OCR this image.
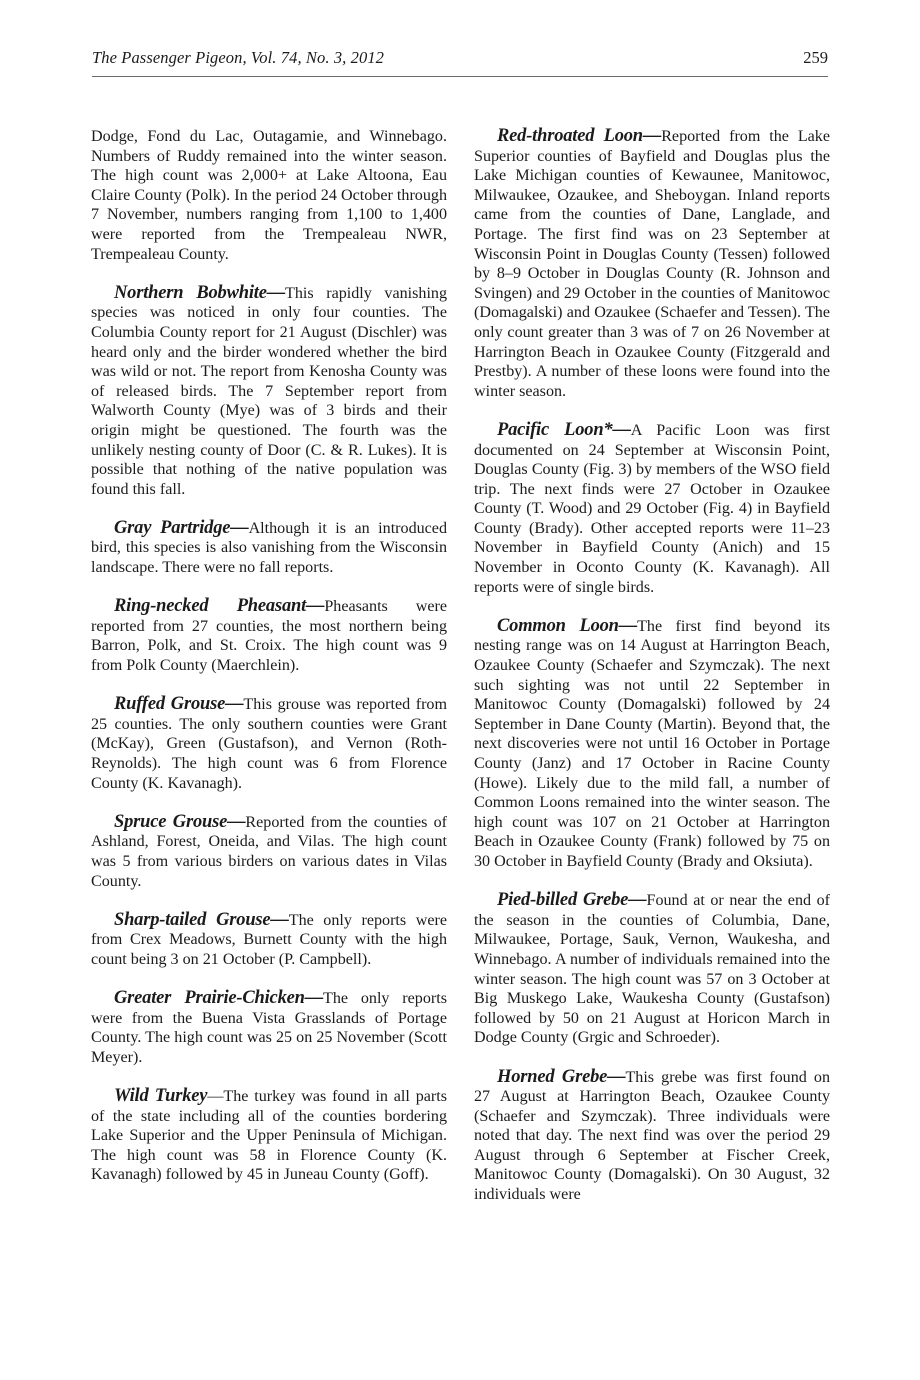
The Passenger Pigeon, Vol. 74, No. 3, 2012	259

Dodge, Fond du Lac, Outagamie, and Winnebago. Numbers of Ruddy remained into the winter season. The high count was 2,000+ at Lake Altoona, Eau Claire County (Polk). In the period 24 October through 7 November, numbers ranging from 1,100 to 1,400 were reported from the Trempealeau NWR, Trempealeau County.

Northern Bobwhite—This rapidly vanishing species was noticed in only four counties. The Columbia County report for 21 August (Dischler) was heard only and the birder wondered whether the bird was wild or not. The report from Kenosha County was of released birds. The 7 September report from Walworth County (Mye) was of 3 birds and their origin might be questioned. The fourth was the unlikely nesting county of Door (C. & R. Lukes). It is possible that nothing of the native population was found this fall.

Gray Partridge—Although it is an introduced bird, this species is also vanishing from the Wisconsin landscape. There were no fall reports.

Ring-necked Pheasant—Pheasants were reported from 27 counties, the most northern being Barron, Polk, and St. Croix. The high count was 9 from Polk County (Maerchlein).

Ruffed Grouse—This grouse was reported from 25 counties. The only southern counties were Grant (McKay), Green (Gustafson), and Vernon (Roth-Reynolds). The high count was 6 from Florence County (K. Kavanagh).

Spruce Grouse—Reported from the counties of Ashland, Forest, Oneida, and Vilas. The high count was 5 from various birders on various dates in Vilas County.

Sharp-tailed Grouse—The only reports were from Crex Meadows, Burnett County with the high count being 3 on 21 October (P. Campbell).

Greater Prairie-Chicken—The only reports were from the Buena Vista Grasslands of Portage County. The high count was 25 on 25 November (Scott Meyer).

Wild Turkey—The turkey was found in all parts of the state including all of the counties bordering Lake Superior and the Upper Peninsula of Michigan. The high count was 58 in Florence County (K. Kavanagh) followed by 45 in Juneau County (Goff).

Red-throated Loon—Reported from the Lake Superior counties of Bayfield and Douglas plus the Lake Michigan counties of Kewaunee, Manitowoc, Milwaukee, Ozaukee, and Sheboygan. Inland reports came from the counties of Dane, Langlade, and Portage. The first find was on 23 September at Wisconsin Point in Douglas County (Tessen) followed by 8–9 October in Douglas County (R. Johnson and Svingen) and 29 October in the counties of Manitowoc (Domagalski) and Ozaukee (Schaefer and Tessen). The only count greater than 3 was of 7 on 26 November at Harrington Beach in Ozaukee County (Fitzgerald and Prestby). A number of these loons were found into the winter season.

Pacific Loon*—A Pacific Loon was first documented on 24 September at Wisconsin Point, Douglas County (Fig. 3) by members of the WSO field trip. The next finds were 27 October in Ozaukee County (T. Wood) and 29 October (Fig. 4) in Bayfield County (Brady). Other accepted reports were 11–23 November in Bayfield County (Anich) and 15 November in Oconto County (K. Kavanagh). All reports were of single birds.

Common Loon—The first find beyond its nesting range was on 14 August at Harrington Beach, Ozaukee County (Schaefer and Szymczak). The next such sighting was not until 22 September in Manitowoc County (Domagalski) followed by 24 September in Dane County (Martin). Beyond that, the next discoveries were not until 16 October in Portage County (Janz) and 17 October in Racine County (Howe). Likely due to the mild fall, a number of Common Loons remained into the winter season. The high count was 107 on 21 October at Harrington Beach in Ozaukee County (Frank) followed by 75 on 30 October in Bayfield County (Brady and Oksiuta).

Pied-billed Grebe—Found at or near the end of the season in the counties of Columbia, Dane, Milwaukee, Portage, Sauk, Vernon, Waukesha, and Winnebago. A number of individuals remained into the winter season. The high count was 57 on 3 October at Big Muskego Lake, Waukesha County (Gustafson) followed by 50 on 21 August at Horicon March in Dodge County (Grgic and Schroeder).

Horned Grebe—This grebe was first found on 27 August at Harrington Beach, Ozaukee County (Schaefer and Szymczak). Three individuals were noted that day. The next find was over the period 29 August through 6 September at Fischer Creek, Manitowoc County (Domagalski). On 30 August, 32 individuals were
